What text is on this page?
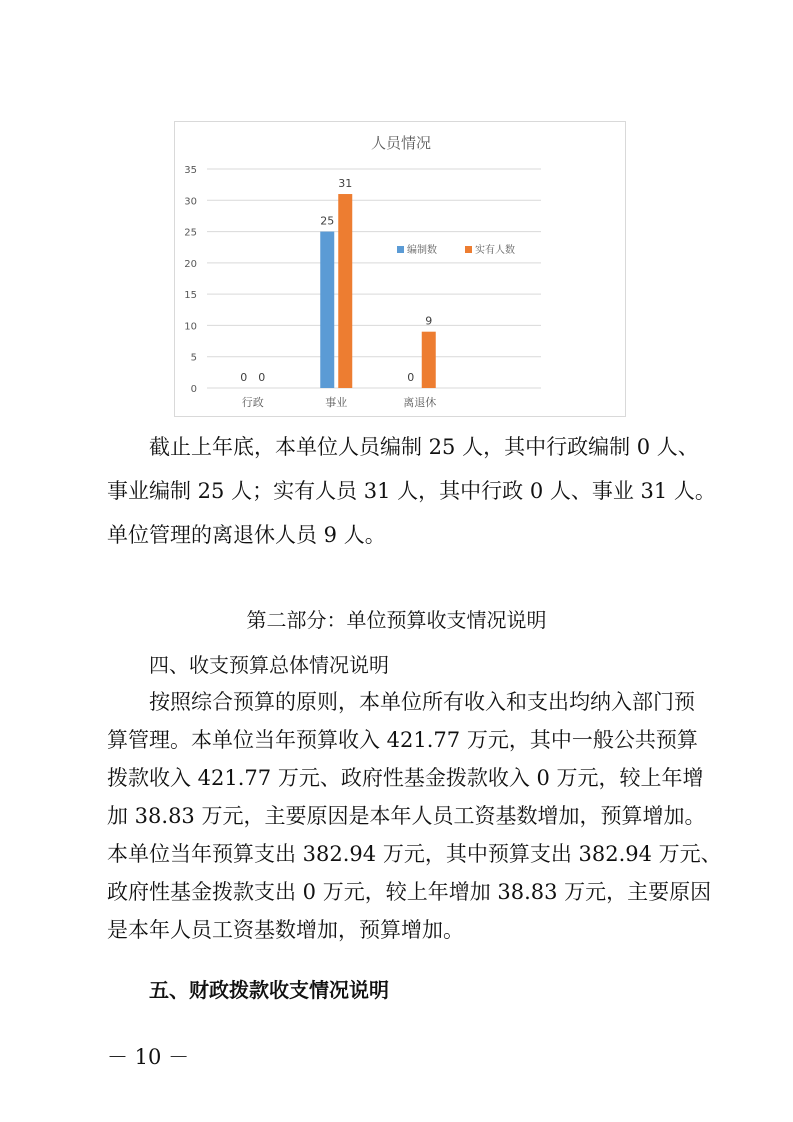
人员情况
0
5
10
15
20
25
30
35
行政
0 0
事业
25
31
离退休
0
9
编制数	实有人数
截止上年底，本单位人员编制 25 人，其中行政编制 0 人、
事业编制 25 人；实有人员 31 人，其中行政 0 人、事业 31 人。
单位管理的离退休人员 9 人。
第二部分：单位预算收支情况说明
四、收支预算总体情况说明
按照综合预算的原则，本单位所有收入和支出均纳入部门预
算管理。本单位当年预算收入 421.77 万元，其中一般公共预算
拨款收入 421.77 万元、政府性基金拨款收入 0 万元，较上年增
加 38.83 万元，主要原因是本年人员工资基数增加，预算增加。
本单位当年预算支出 382.94 万元，其中预算支出 382.94 万元、
政府性基金拨款支出 0 万元，较上年增加 38.83 万元，主要原因
是本年人员工资基数增加，预算增加。
五、财政拨款收支情况说明
－ 10 －
